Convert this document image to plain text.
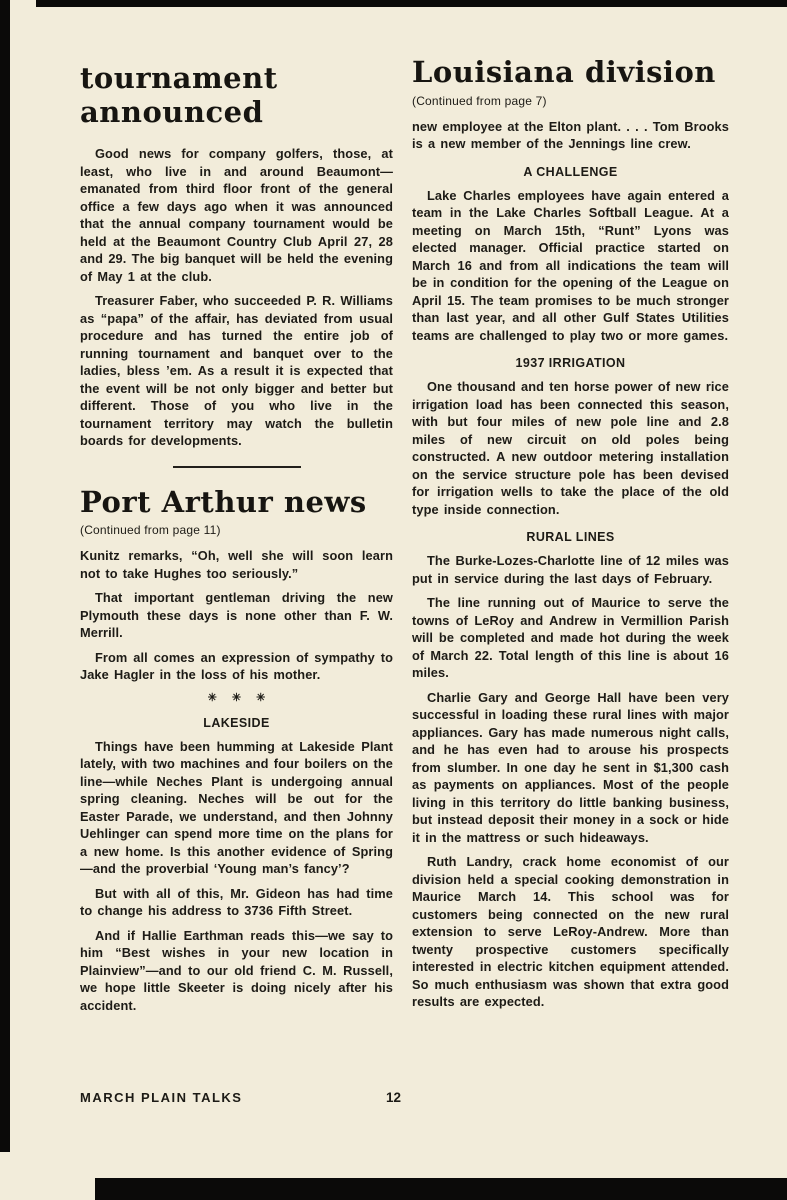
tournament announced

Good news for company golfers, those, at least, who live in and around Beaumont—emanated from third floor front of the general office a few days ago when it was announced that the annual company tournament would be held at the Beaumont Country Club April 27, 28 and 29. The big banquet will be held the evening of May 1 at the club.

Treasurer Faber, who succeeded P. R. Williams as “papa” of the affair, has deviated from usual procedure and has turned the entire job of running tournament and banquet over to the ladies, bless ’em. As a result it is expected that the event will be not only bigger and better but different. Those of you who live in the tournament territory may watch the bulletin boards for developments.

Port Arthur news

(Continued from page 11)

Kunitz remarks, “Oh, well she will soon learn not to take Hughes too seriously.”

That important gentleman driving the new Plymouth these days is none other than F. W. Merrill.

From all comes an expression of sympathy to Jake Hagler in the loss of his mother.

✳ ✳ ✳
LAKESIDE

Things have been humming at Lakeside Plant lately, with two machines and four boilers on the line—while Neches Plant is undergoing annual spring cleaning. Neches will be out for the Easter Parade, we understand, and then Johnny Uehlinger can spend more time on the plans for a new home. Is this another evidence of Spring—and the proverbial ‘Young man’s fancy’?

But with all of this, Mr. Gideon has had time to change his address to 3736 Fifth Street.

And if Hallie Earthman reads this—we say to him “Best wishes in your new location in Plainview”—and to our old friend C. M. Russell, we hope little Skeeter is doing nicely after his accident.

Louisiana division

(Continued from page 7)

new employee at the Elton plant. . . . Tom Brooks is a new member of the Jennings line crew.

A CHALLENGE

Lake Charles employees have again entered a team in the Lake Charles Softball League. At a meeting on March 15th, “Runt” Lyons was elected manager. Official practice started on March 16 and from all indications the team will be in condition for the opening of the League on April 15. The team promises to be much stronger than last year, and all other Gulf States Utilities teams are challenged to play two or more games.

1937 IRRIGATION

One thousand and ten horse power of new rice irrigation load has been connected this season, with but four miles of new pole line and 2.8 miles of new circuit on old poles being constructed. A new outdoor metering installation on the service structure pole has been devised for irrigation wells to take the place of the old type inside connection.

RURAL LINES

The Burke-Lozes-Charlotte line of 12 miles was put in service during the last days of February.

The line running out of Maurice to serve the towns of LeRoy and Andrew in Vermillion Parish will be completed and made hot during the week of March 22. Total length of this line is about 16 miles.

Charlie Gary and George Hall have been very successful in loading these rural lines with major appliances. Gary has made numerous night calls, and he has even had to arouse his prospects from slumber. In one day he sent in $1,300 cash as payments on appliances. Most of the people living in this territory do little banking business, but instead deposit their money in a sock or hide it in the mattress or such hideaways.

Ruth Landry, crack home economist of our division held a special cooking demonstration in Maurice March 14. This school was for customers being connected on the new rural extension to serve LeRoy-Andrew. More than twenty prospective customers specifically interested in electric kitchen equipment attended. So much enthusiasm was shown that extra good results are expected.

12
MARCH PLAIN TALKS
